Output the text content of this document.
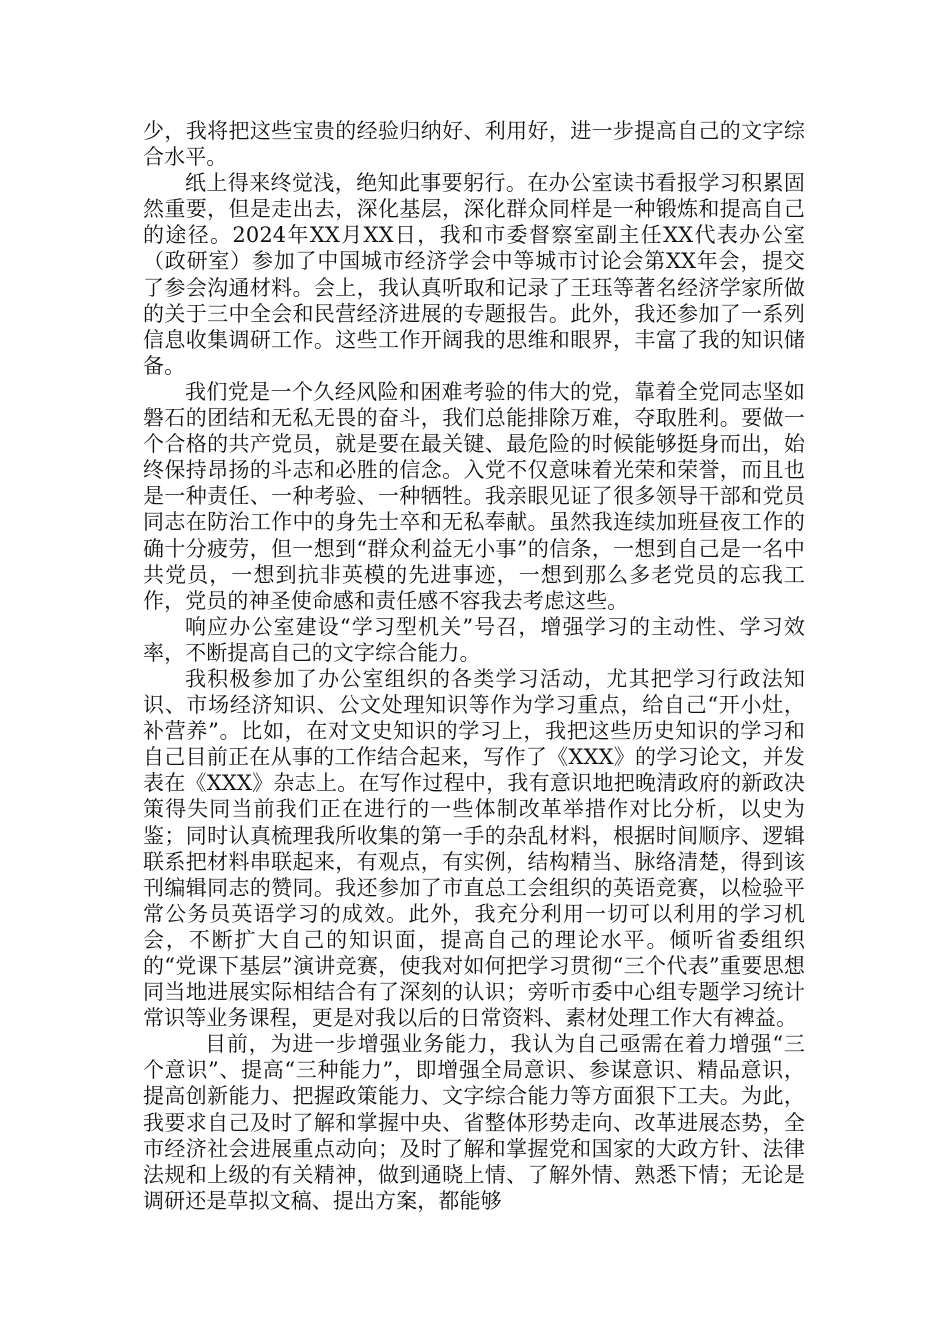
少，我将把这些宝贵的经验归纳好、利用好，进一步提高自己的文字综合水平。

纸上得来终觉浅，绝知此事要躬行。在办公室读书看报学习积累固然重要，但是走出去，深化基层，深化群众同样是一种锻炼和提高自己的途径。2024年XX月XX日，我和市委督察室副主任XX代表办公室（政研室）参加了中国城市经济学会中等城市讨论会第XX年会，提交了参会沟通材料。会上，我认真听取和记录了王珏等著名经济学家所做的关于三中全会和民营经济进展的专题报告。此外，我还参加了一系列信息收集调研工作。这些工作开阔我的思维和眼界，丰富了我的知识储备。

我们党是一个久经风险和困难考验的伟大的党，靠着全党同志坚如磐石的团结和无私无畏的奋斗，我们总能排除万难，夺取胜利。要做一个合格的共产党员，就是要在最关键、最危险的时候能够挺身而出，始终保持昂扬的斗志和必胜的信念。入党不仅意味着光荣和荣誉，而且也是一种责任、一种考验、一种牺牲。我亲眼见证了很多领导干部和党员同志在防治工作中的身先士卒和无私奉献。虽然我连续加班昼夜工作的确十分疲劳，但一想到“群众利益无小事”的信条，一想到自己是一名中共党员，一想到抗非英模的先进事迹，一想到那么多老党员的忘我工作，党员的神圣使命感和责任感不容我去考虑这些。

响应办公室建设“学习型机关”号召，增强学习的主动性、学习效率，不断提高自己的文字综合能力。

我积极参加了办公室组织的各类学习活动，尤其把学习行政法知识、市场经济知识、公文处理知识等作为学习重点，给自己“开小灶，补营养”。比如，在对文史知识的学习上，我把这些历史知识的学习和自己目前正在从事的工作结合起来，写作了《XXX》的学习论文，并发表在《XXX》杂志上。在写作过程中，我有意识地把晚清政府的新政决策得失同当前我们正在进行的一些体制改革举措作对比分析，以史为鉴；同时认真梳理我所收集的第一手的杂乱材料，根据时间顺序、逻辑联系把材料串联起来，有观点，有实例，结构精当、脉络清楚，得到该刊编辑同志的赞同。我还参加了市直总工会组织的英语竞赛，以检验平常公务员英语学习的成效。此外，我充分利用一切可以利用的学习机会，不断扩大自己的知识面，提高自己的理论水平。倾听省委组织的“党课下基层”演讲竞赛，使我对如何把学习贯彻“三个代表”重要思想同当地进展实际相结合有了深刻的认识；旁听市委中心组专题学习统计常识等业务课程，更是对我以后的日常资料、素材处理工作大有裨益。

目前，为进一步增强业务能力，我认为自己亟需在着力增强“三个意识”、提高“三种能力”，即增强全局意识、参谋意识、精品意识，提高创新能力、把握政策能力、文字综合能力等方面狠下工夫。为此，我要求自己及时了解和掌握中央、省整体形势走向、改革进展态势，全市经济社会进展重点动向；及时了解和掌握党和国家的大政方针、法律法规和上级的有关精神，做到通晓上情、了解外情、熟悉下情；无论是调研还是草拟文稿、提出方案，都能够
